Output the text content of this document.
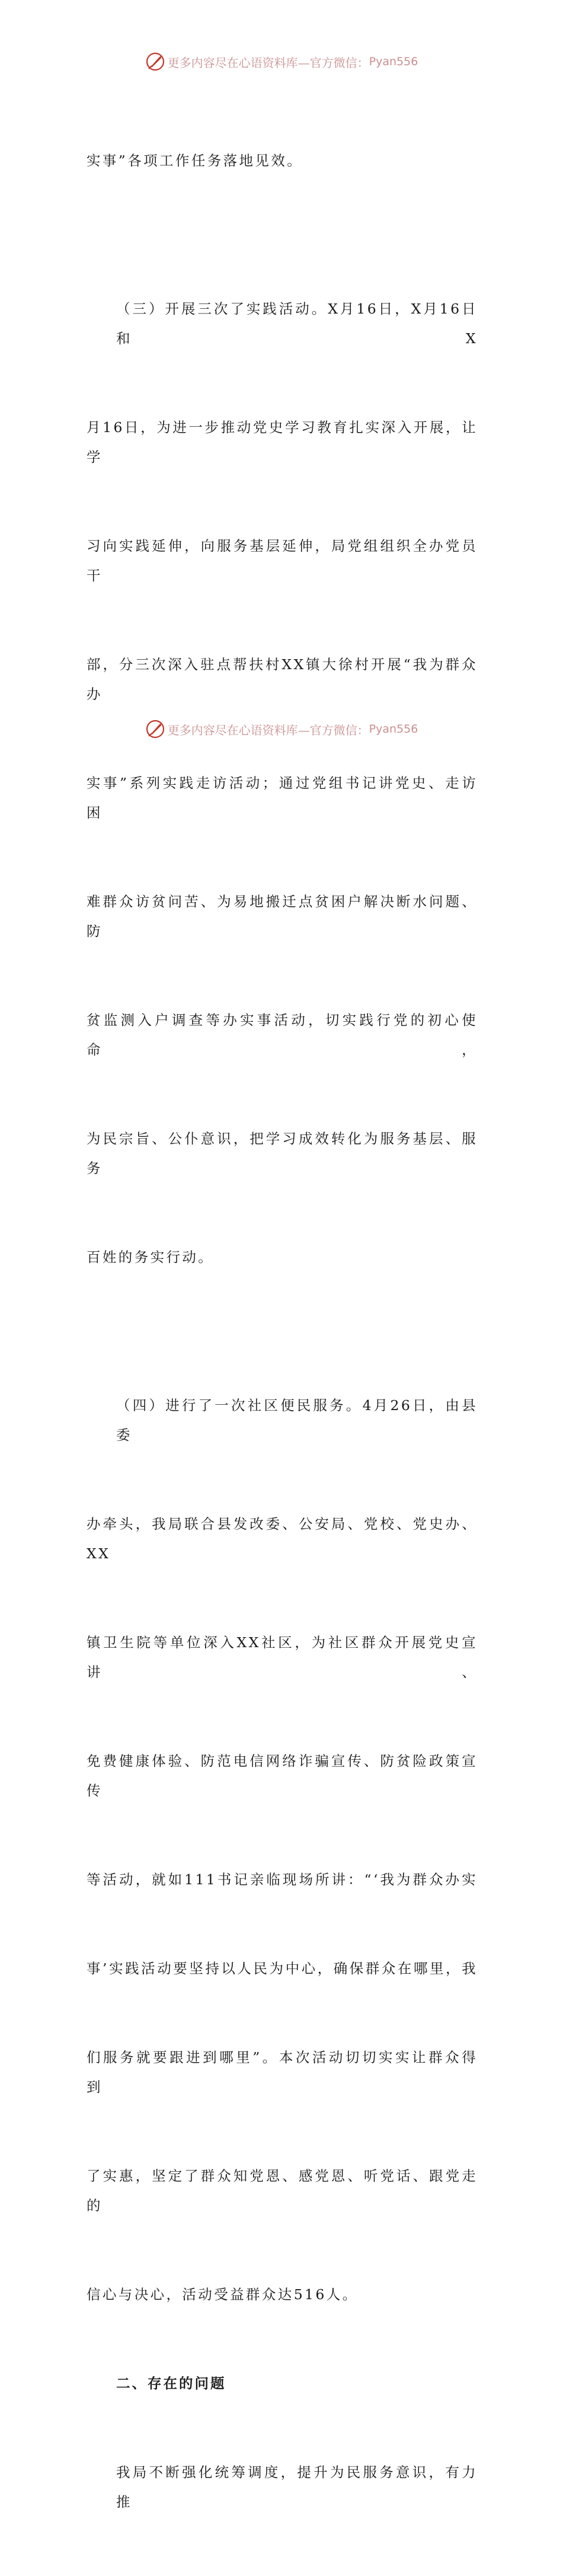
更多内容尽在心语资料库—官方微信： Pyan556

实事”各项工作任务落地见效。

（三）开展三次了实践活动。X月16日，X月16日和X

月16日，为进一步推动党史学习教育扎实深入开展，让学

习向实践延伸，向服务基层延伸，局党组组织全办党员干

部，分三次深入驻点帮扶村XX镇大徐村开展“我为群众办

实事”系列实践走访活动；通过党组书记讲党史、走访困

难群众访贫问苦、为易地搬迁点贫困户解决断水问题、防

贫监测入户调查等办实事活动，切实践行党的初心使命，

为民宗旨、公仆意识，把学习成效转化为服务基层、服务

百姓的务实行动。

（四）进行了一次社区便民服务。4月26日，由县委

办牵头，我局联合县发改委、公安局、党校、党史办、XX

镇卫生院等单位深入XX社区，为社区群众开展党史宣讲、

免费健康体验、防范电信网络诈骗宣传、防贫险政策宣传

等活动，就如111书记亲临现场所讲：“‘我为群众办实

事’实践活动要坚持以人民为中心，确保群众在哪里，我

们服务就要跟进到哪里”。本次活动切切实实让群众得到

了实惠，坚定了群众知党恩、感党恩、听党话、跟党走的

信心与决心，活动受益群众达516人。

二、存在的问题

我局不断强化统筹调度，提升为民服务意识，有力推

更多内容尽在心语资料库—官方微信： Pyan556
